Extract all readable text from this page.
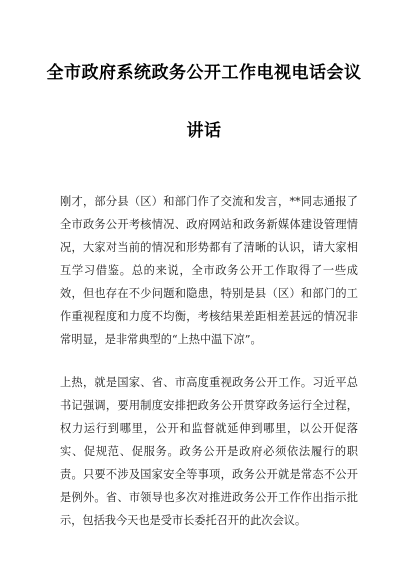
全市政府系统政务公开工作电视电话会议
讲话

刚才，部分县（区）和部门作了交流和发言，**同志通报了全市政务公开考核情况、政府网站和政务新媒体建设管理情况，大家对当前的情况和形势都有了清晰的认识，请大家相互学习借鉴。总的来说，全市政务公开工作取得了一些成效，但也存在不少问题和隐患，特别是县（区）和部门的工作重视程度和力度不均衡，考核结果差距相差甚远的情况非常明显，是非常典型的“上热中温下凉”。

上热，就是国家、省、市高度重视政务公开工作。习近平总书记强调，要用制度安排把政务公开贯穿政务运行全过程，权力运行到哪里，公开和监督就延伸到哪里，以公开促落实、促规范、促服务。政务公开是政府必须依法履行的职责。只要不涉及国家安全等事项，政务公开就是常态不公开是例外。省、市领导也多次对推进政务公开工作作出指示批示，包括我今天也是受市长委托召开的此次会议。
